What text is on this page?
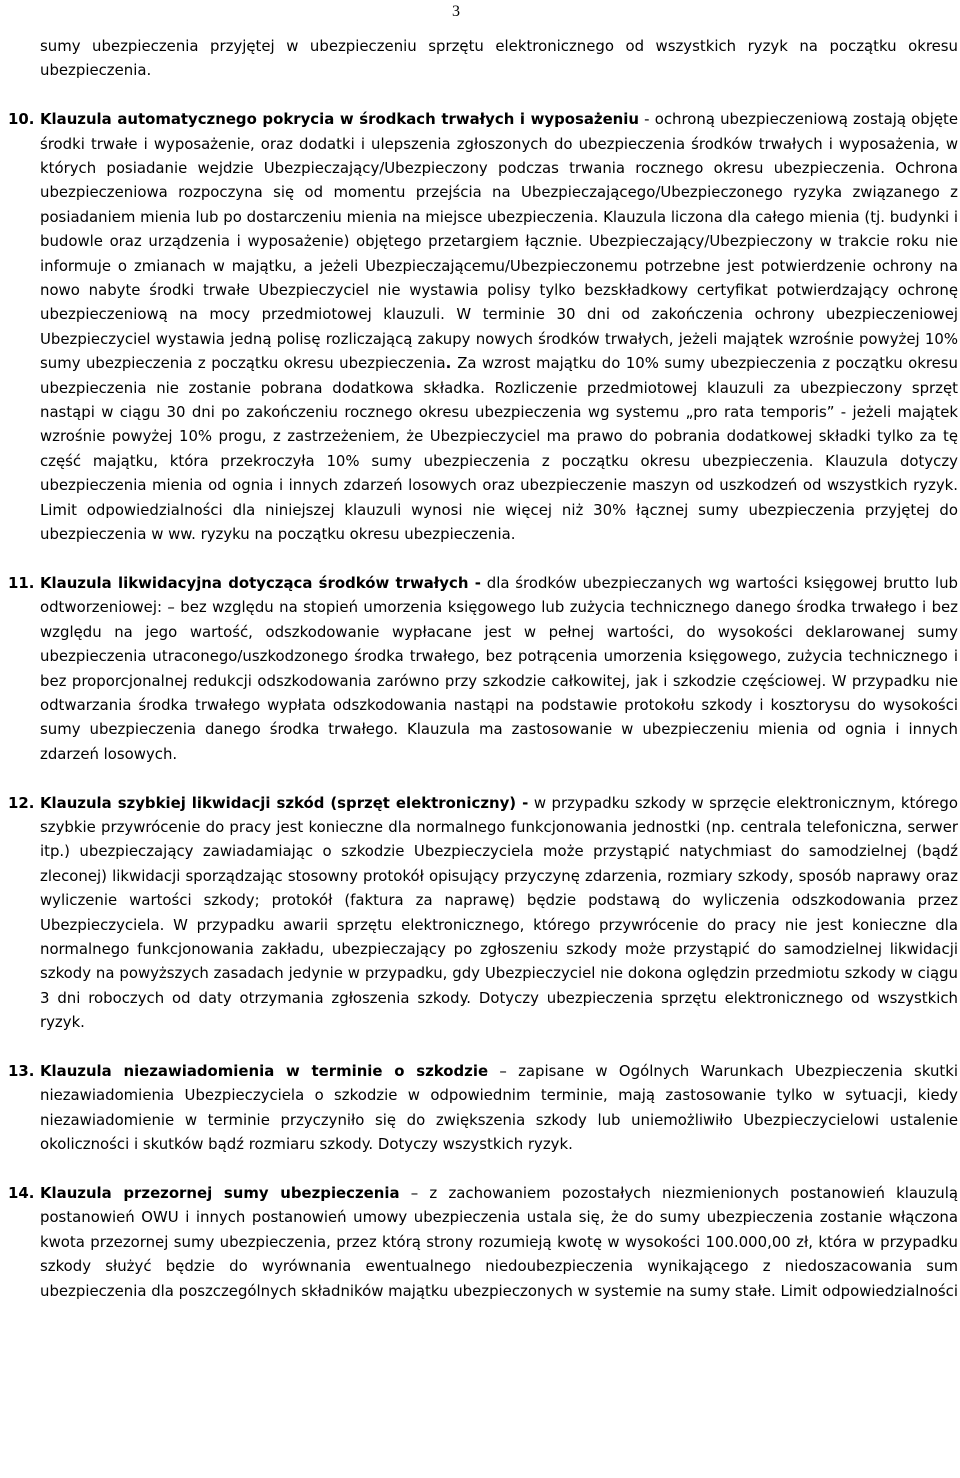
3

sumy ubezpieczenia przyjętej w ubezpieczeniu sprzętu elektronicznego od wszystkich ryzyk na początku okresu ubezpieczenia.

10. Klauzula automatycznego pokrycia w środkach trwałych i wyposażeniu - ochroną ubezpieczeniową zostają objęte środki trwałe i wyposażenie, oraz dodatki i ulepszenia zgłoszonych do ubezpieczenia środków trwałych i wyposażenia, w których posiadanie wejdzie Ubezpieczający/Ubezpieczony podczas trwania rocznego okresu ubezpieczenia. Ochrona ubezpieczeniowa rozpoczyna się od momentu przejścia na Ubezpieczającego/Ubezpieczonego ryzyka związanego z posiadaniem mienia lub po dostarczeniu mienia na miejsce ubezpieczenia. Klauzula liczona dla całego mienia (tj. budynki i budowle oraz urządzenia i wyposażenie) objętego przetargiem łącznie. Ubezpieczający/Ubezpieczony w trakcie roku nie informuje o zmianach w majątku, a jeżeli Ubezpieczającemu/Ubezpieczonemu potrzebne jest potwierdzenie ochrony na nowo nabyte środki trwałe Ubezpieczyciel nie wystawia polisy tylko bezskładkowy certyfikat potwierdzający ochronę ubezpieczeniową na mocy przedmiotowej klauzuli. W terminie 30 dni od zakończenia ochrony ubezpieczeniowej Ubezpieczyciel wystawia jedną polisę rozliczającą zakupy nowych środków trwałych, jeżeli majątek wzrośnie powyżej 10% sumy ubezpieczenia z początku okresu ubezpieczenia. Za wzrost majątku do 10% sumy ubezpieczenia z początku okresu ubezpieczenia nie zostanie pobrana dodatkowa składka. Rozliczenie przedmiotowej klauzuli za ubezpieczony sprzęt nastąpi w ciągu 30 dni po zakończeniu rocznego okresu ubezpieczenia wg systemu „pro rata temporis” - jeżeli majątek wzrośnie powyżej 10% progu, z zastrzeżeniem, że Ubezpieczyciel ma prawo do pobrania dodatkowej składki tylko za tę część majątku, która przekroczyła 10% sumy ubezpieczenia z początku okresu ubezpieczenia. Klauzula dotyczy ubezpieczenia mienia od ognia i innych zdarzeń losowych oraz ubezpieczenie maszyn od uszkodzeń od wszystkich ryzyk. Limit odpowiedzialności dla niniejszej klauzuli wynosi nie więcej niż 30% łącznej sumy ubezpieczenia przyjętej do ubezpieczenia w ww. ryzyku na początku okresu ubezpieczenia.

11. Klauzula likwidacyjna dotycząca środków trwałych - dla środków ubezpieczanych wg wartości księgowej brutto lub odtworzeniowej: – bez względu na stopień umorzenia księgowego lub zużycia technicznego danego środka trwałego i bez względu na jego wartość, odszkodowanie wypłacane jest w pełnej wartości, do wysokości deklarowanej sumy ubezpieczenia utraconego/uszkodzonego środka trwałego, bez potrącenia umorzenia księgowego, zużycia technicznego i bez proporcjonalnej redukcji odszkodowania zarówno przy szkodzie całkowitej, jak i szkodzie częściowej. W przypadku nie odtwarzania środka trwałego wypłata odszkodowania nastąpi na podstawie protokołu szkody i kosztorysu do wysokości sumy ubezpieczenia danego środka trwałego. Klauzula ma zastosowanie w ubezpieczeniu mienia od ognia i innych zdarzeń losowych.

12. Klauzula szybkiej likwidacji szkód (sprzęt elektroniczny) - w przypadku szkody w sprzęcie elektronicznym, którego szybkie przywrócenie do pracy jest konieczne dla normalnego funkcjonowania jednostki (np. centrala telefoniczna, serwer itp.) ubezpieczający zawiadamiając o szkodzie Ubezpieczyciela może przystąpić natychmiast do samodzielnej (bądź zleconej) likwidacji sporządzając stosowny protokół opisujący przyczynę zdarzenia, rozmiary szkody, sposób naprawy oraz wyliczenie wartości szkody; protokół (faktura za naprawę) będzie podstawą do wyliczenia odszkodowania przez Ubezpieczyciela. W przypadku awarii sprzętu elektronicznego, którego przywrócenie do pracy nie jest konieczne dla normalnego funkcjonowania zakładu, ubezpieczający po zgłoszeniu szkody może przystąpić do samodzielnej likwidacji szkody na powyższych zasadach jedynie w przypadku, gdy Ubezpieczyciel nie dokona oględzin przedmiotu szkody w ciągu 3 dni roboczych od daty otrzymania zgłoszenia szkody. Dotyczy ubezpieczenia sprzętu elektronicznego od wszystkich ryzyk.

13. Klauzula niezawiadomienia w terminie o szkodzie – zapisane w Ogólnych Warunkach Ubezpieczenia skutki niezawiadomienia Ubezpieczyciela o szkodzie w odpowiednim terminie, mają zastosowanie tylko w sytuacji, kiedy niezawiadomienie w terminie przyczyniło się do zwiększenia szkody lub uniemożliwiło Ubezpieczycielowi ustalenie okoliczności i skutków bądź rozmiaru szkody. Dotyczy wszystkich ryzyk.

14. Klauzula przezornej sumy ubezpieczenia – z zachowaniem pozostałych niezmienionych postanowień klauzulą postanowień OWU i innych postanowień umowy ubezpieczenia ustala się, że do sumy ubezpieczenia zostanie włączona kwota przezornej sumy ubezpieczenia, przez którą strony rozumieją kwotę w wysokości 100.000,00 zł, która w przypadku szkody służyć będzie do wyrównania ewentualnego niedoubezpieczenia wynikającego z niedoszacowania sum ubezpieczenia dla poszczególnych składników majątku ubezpieczonych w systemie na sumy stałe. Limit odpowiedzialności
